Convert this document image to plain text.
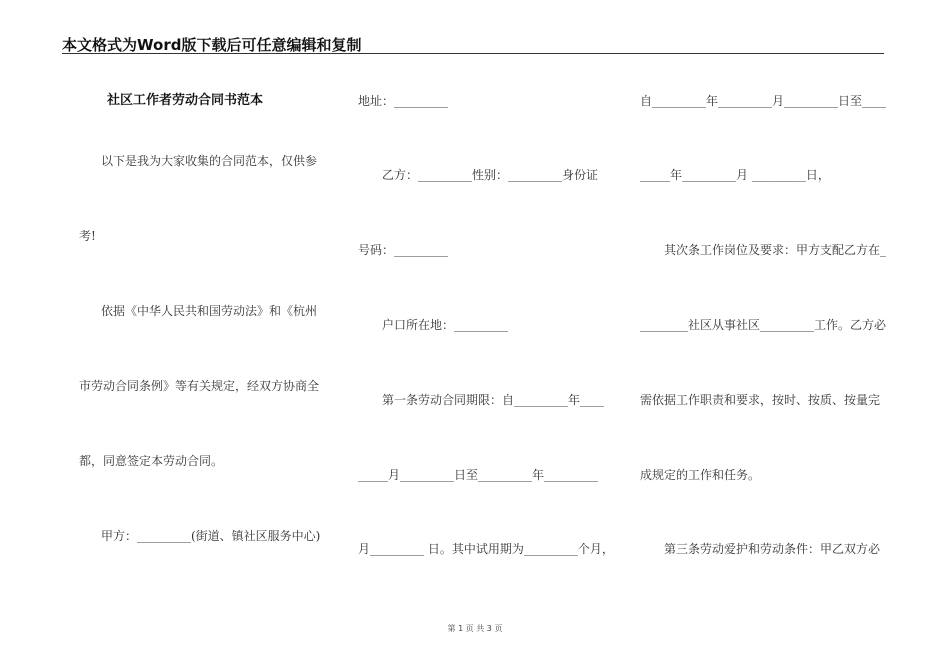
本文格式为Word版下载后可任意编辑和复制
社区工作者劳动合同书范本
以下是我为大家收集的合同范本，仅供参
考!
依据《中华人民共和国劳动法》和《杭州
市劳动合同条例》等有关规定，经双方协商全
都，同意签定本劳动合同。
甲方：_________(街道、镇社区服务中心)
地址：_________
乙方：_________性别：_________身份证
号码：_________
户口所在地：_________
第一条劳动合同期限：自_________年____
_____月_________日至_________年_________
月_________ 日。其中试用期为_________个月，
自_________年_________月_________日至____
_____年_________月 _________日，
其次条工作岗位及要求：甲方支配乙方在_
________社区从事社区_________工作。乙方必
需依据工作职责和要求，按时、按质、按量完
成规定的工作和任务。
第三条劳动爱护和劳动条件：甲乙双方必
第 1 页 共 3 页
